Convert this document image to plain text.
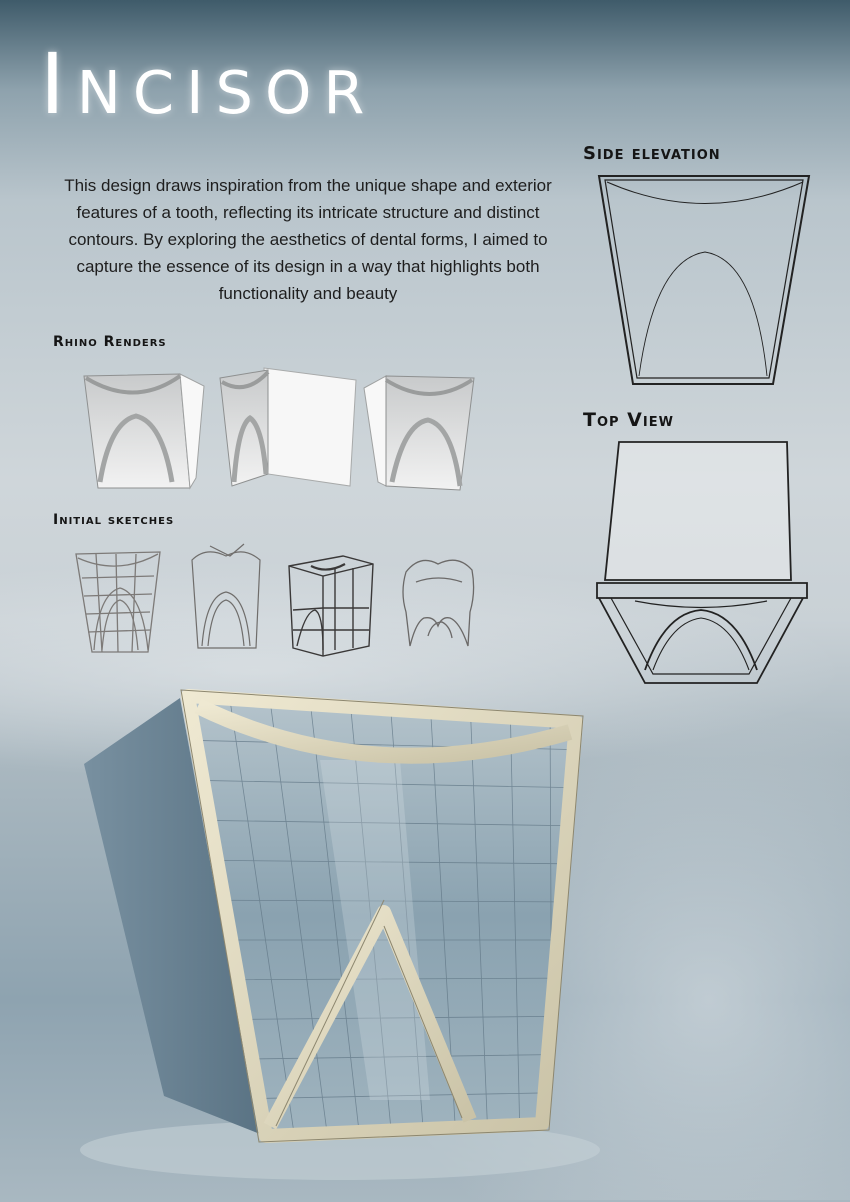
Incisor

This design draws inspiration from the unique shape and exterior features of a tooth, reflecting its intricate structure and distinct contours. By exploring the aesthetics of dental forms, I aimed to capture the essence of its design in a way that highlights both functionality and beauty

Side elevation
Top View
Rhino Renders
Initial sketches
